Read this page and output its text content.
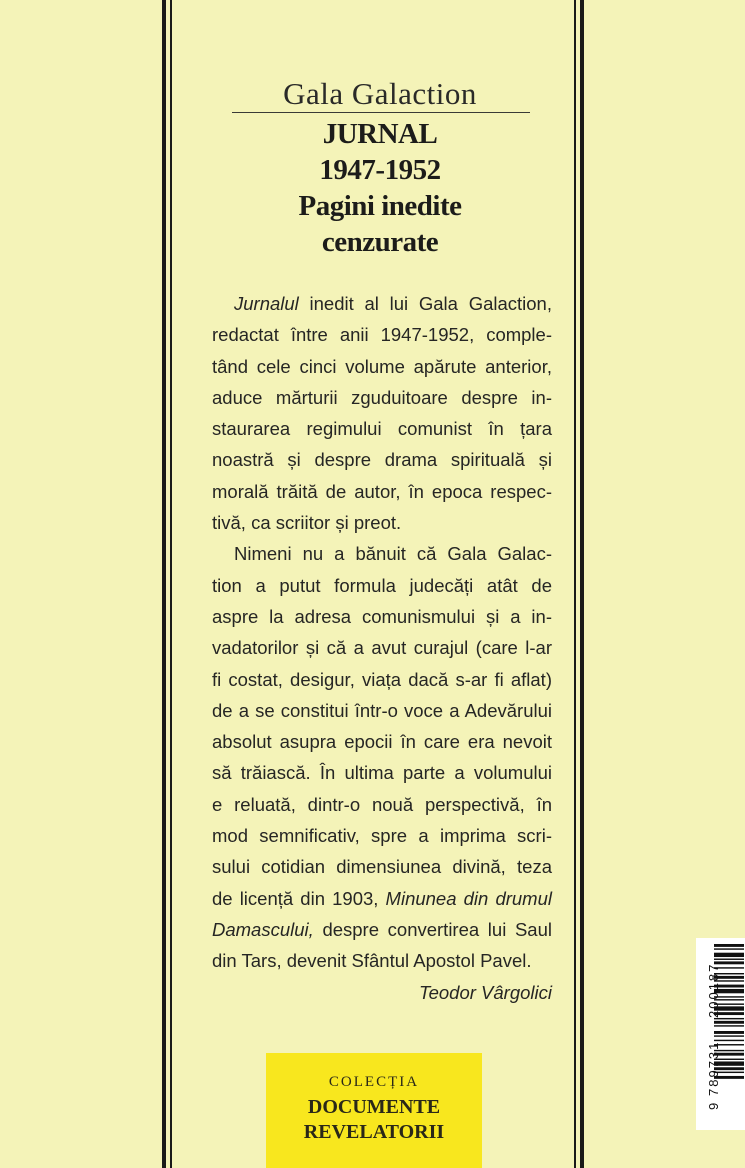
Gala Galaction
JURNAL
1947-1952
Pagini inedite
cenzurate
Jurnalul inedit al lui Gala Galaction,
redactat între anii 1947-1952, comple-
tând cele cinci volume apărute anterior,
aduce mărturii zguduitoare despre in-
staurarea regimului comunist în țara
noastră și despre drama spirituală și
morală trăită de autor, în epoca respec-
tivă, ca scriitor și preot.
Nimeni nu a bănuit că Gala Galac-
tion a putut formula judecăți atât de
aspre la adresa comunismului și a in-
vadatorilor și că a avut curajul (care l-ar
fi costat, desigur, viața dacă s-ar fi aflat)
de a se constitui într-o voce a Adevărului
absolut asupra epocii în care era nevoit
să trăiască. În ultima parte a volumului
e reluată, dintr-o nouă perspectivă, în
mod semnificativ, spre a imprima scri-
sului cotidian dimensiunea divină, teza
de licență din 1903, Minunea din drumul
Damascului, despre convertirea lui Saul
din Tars, devenit Sfântul Apostol Pavel.
Teodor Vârgolici
COLECȚIA
DOCUMENTE
REVELATORII
9789731200187
